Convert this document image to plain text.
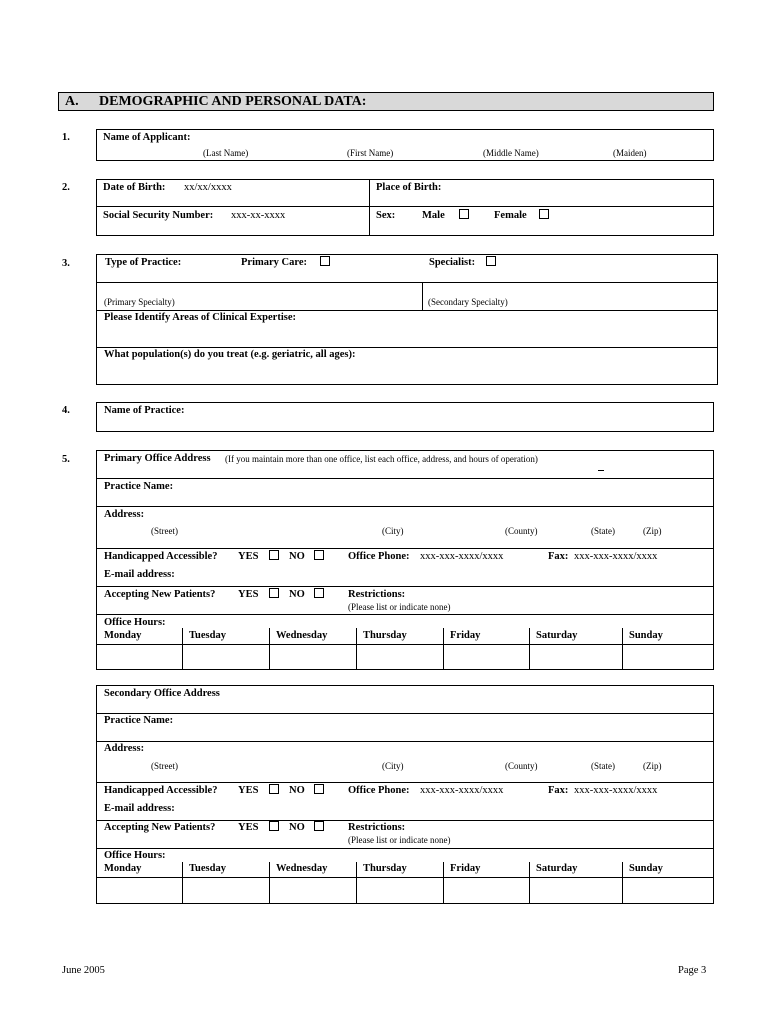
A. DEMOGRAPHIC AND PERSONAL DATA:
1.	Name of Applicant:
(Last Name)	(First Name)	(Middle Name)	(Maiden)
2.	Date of Birth: xx/xx/xxxx	Place of Birth:
Social Security Number: xxx-xx-xxxx	Sex:	Male	Female
3.	Type of Practice:	Primary Care:	Specialist:
(Primary Specialty)	(Secondary Specialty)
Please Identify Areas of Clinical Expertise:
What population(s) do you treat (e.g. geriatric, all ages):
4.	Name of Practice:
5.	Primary Office Address (If you maintain more than one office, list each office, address, and hours of operation)
Practice Name:
Address:
(Street)	(City)	(County)	(State)	(Zip)
Handicapped Accessible? YES	NO	Office Phone: xxx-xxx-xxxx/xxxx	Fax: xxx-xxx-xxxx/xxxx
E-mail address:
Accepting New Patients? YES	NO	Restrictions:
(Please list or indicate none)
Office Hours:
Monday	Tuesday	Wednesday	Thursday	Friday	Saturday	Sunday
Secondary Office Address
Practice Name:
Address:
(Street)	(City)	(County)	(State)	(Zip)
Handicapped Accessible? YES	NO	Office Phone: xxx-xxx-xxxx/xxxx	Fax: xxx-xxx-xxxx/xxxx
E-mail address:
Accepting New Patients? YES	NO	Restrictions:
(Please list or indicate none)
Office Hours:
Monday	Tuesday	Wednesday	Thursday	Friday	Saturday	Sunday
June 2005	Page 3
